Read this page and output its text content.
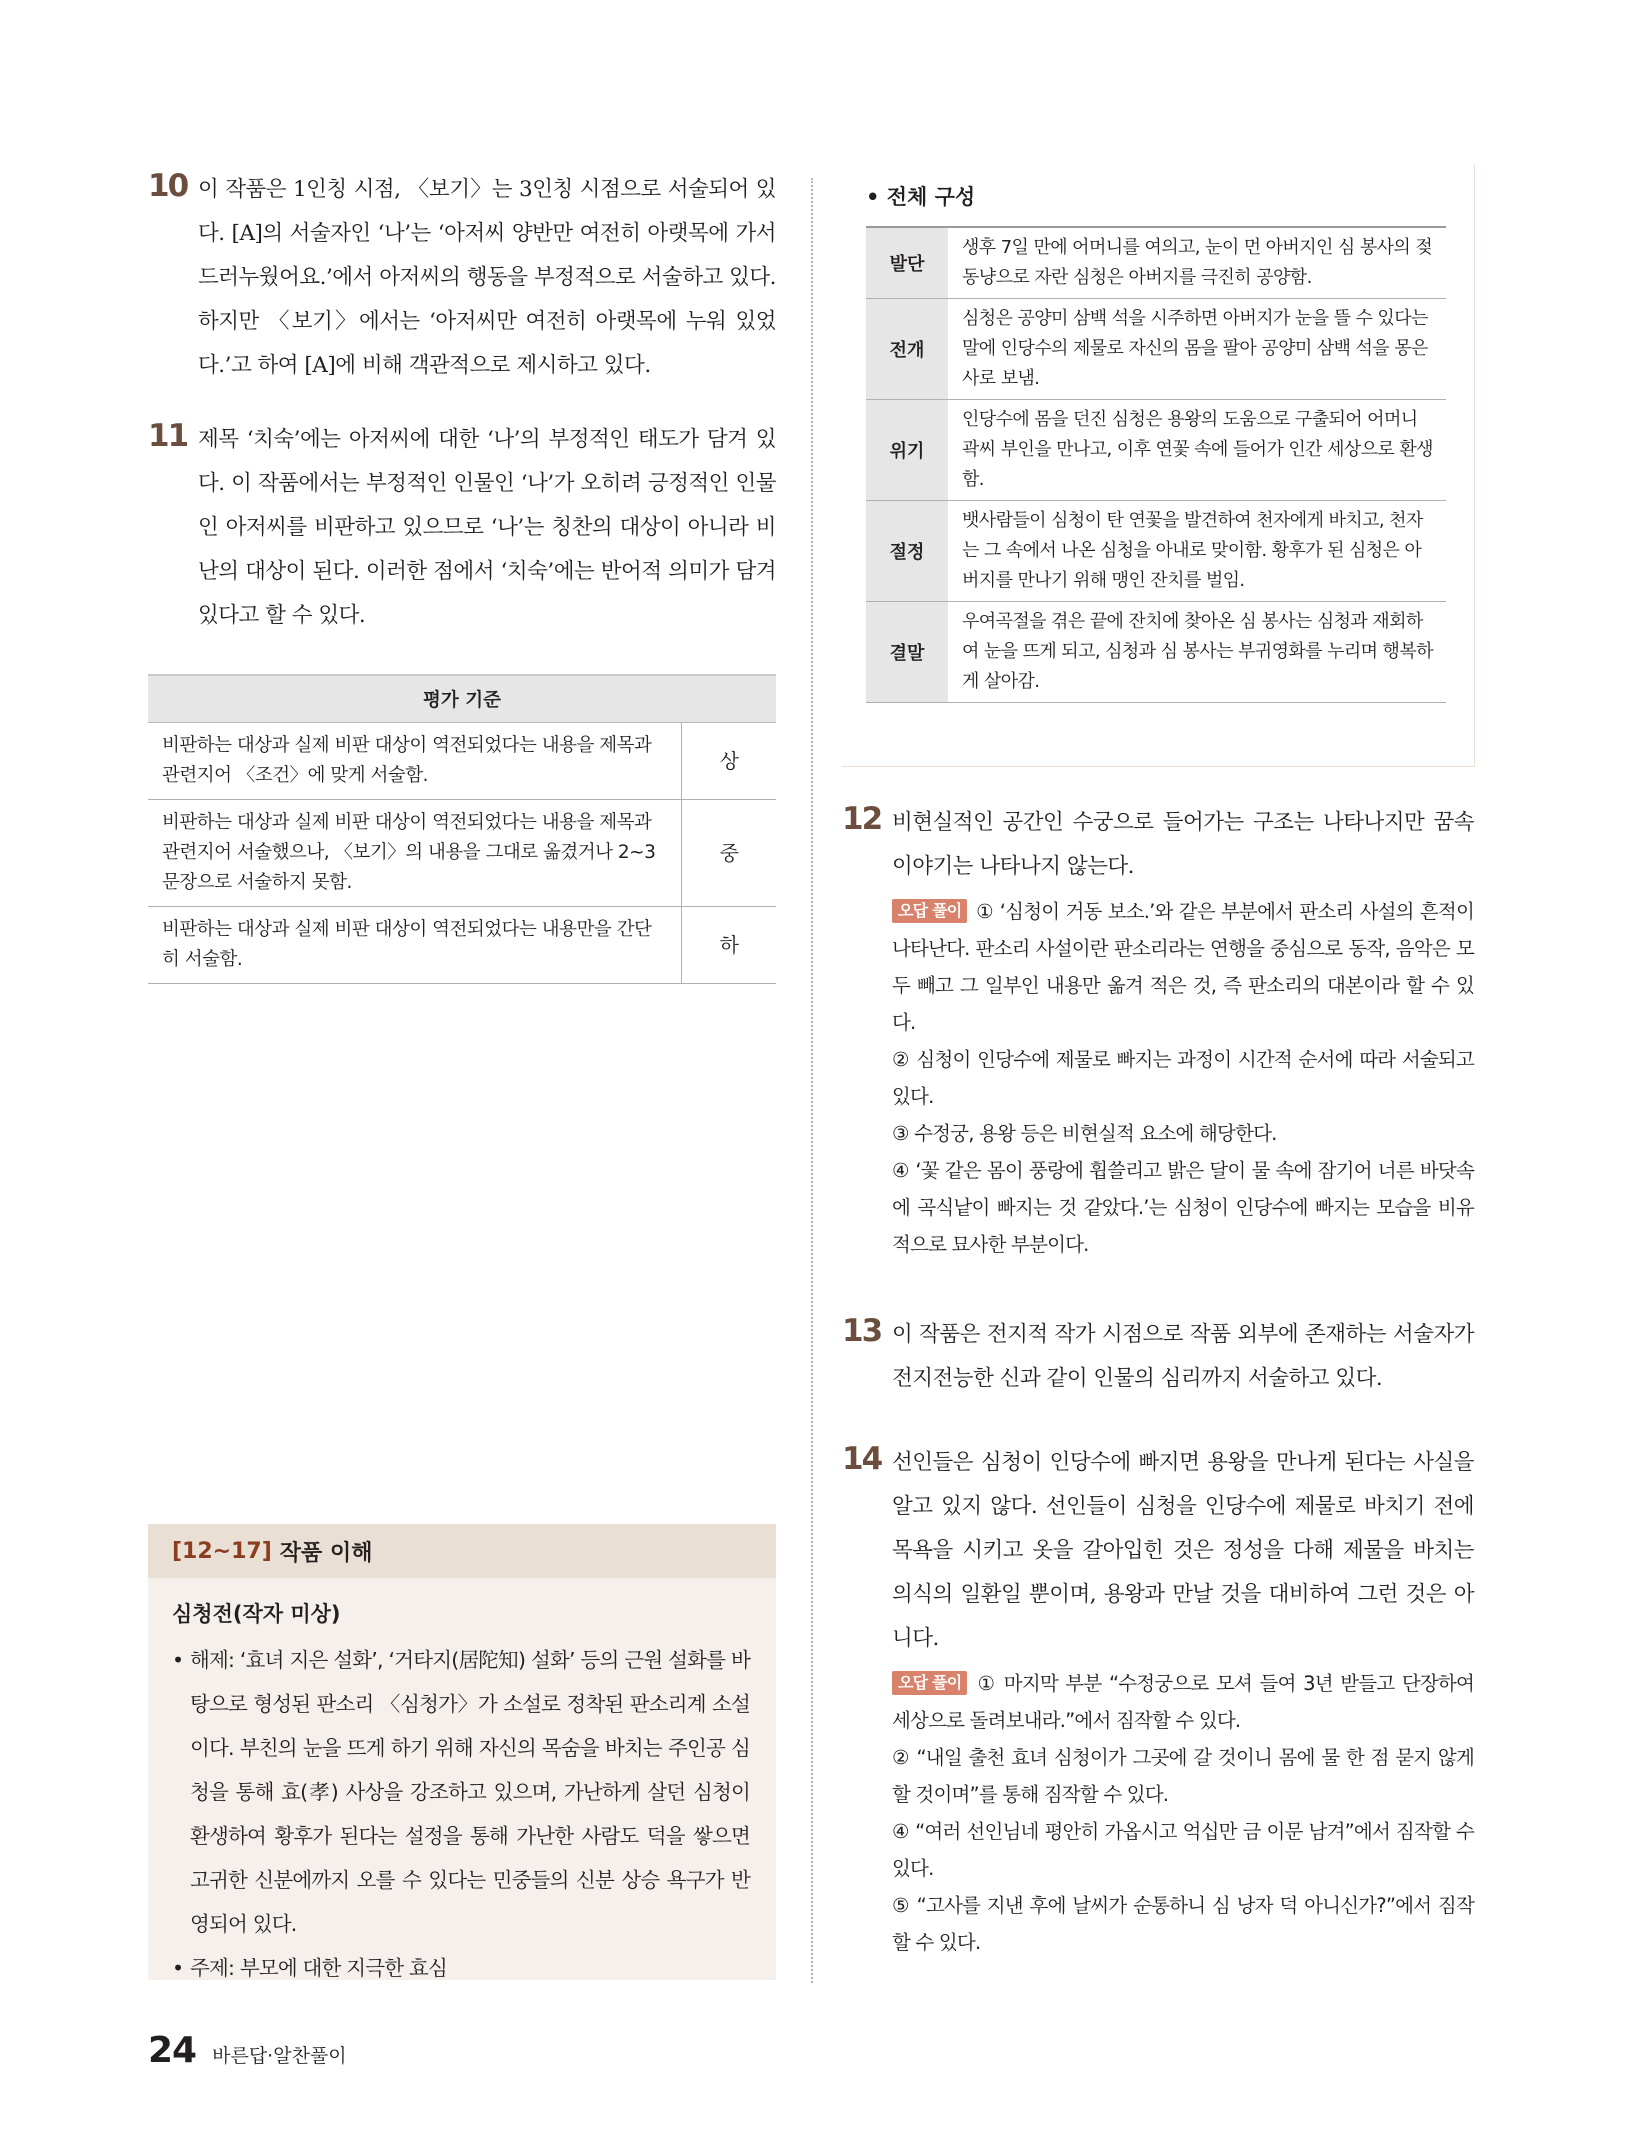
10 이 작품은 1인칭 시점, 〈보기〉는 3인칭 시점으로 서술되어 있다. [A]의 서술자인 ‘나’는 ‘아저씨 양반만 여전히 아랫목에 가서 드러누웠어요.’에서 아저씨의 행동을 부정적으로 서술하고 있다. 하지만 〈보기〉에서는 ‘아저씨만 여전히 아랫목에 누워 있었다.’고 하여 [A]에 비해 객관적으로 제시하고 있다.
11 제목 ‘치숙’에는 아저씨에 대한 ‘나’의 부정적인 태도가 담겨 있다. 이 작품에서는 부정적인 인물인 ‘나’가 오히려 긍정적인 인물인 아저씨를 비판하고 있으므로 ‘나’는 칭찬의 대상이 아니라 비난의 대상이 된다. 이러한 점에서 ‘치숙’에는 반어적 의미가 담겨 있다고 할 수 있다.
평가 기준	
비판하는 대상과 실제 비판 대상이 역전되었다는 내용을 제목과 관련지어 〈조건〉에 맞게 서술함.	상
비판하는 대상과 실제 비판 대상이 역전되었다는 내용을 제목과 관련지어 서술했으나, 〈보기〉의 내용을 그대로 옮겼거나 2~3문장으로 서술하지 못함.	중
비판하는 대상과 실제 비판 대상이 역전되었다는 내용만을 간단히 서술함.	하
[12~17] 작품 이해
심청전(작자 미상)
• 해제: ‘효녀 지은 설화’, ‘거타지(居陀知) 설화’ 등의 근원 설화를 바탕으로 형성된 판소리 〈심청가〉가 소설로 정착된 판소리계 소설이다. 부친의 눈을 뜨게 하기 위해 자신의 목숨을 바치는 주인공 심청을 통해 효(孝) 사상을 강조하고 있으며, 가난하게 살던 심청이 환생하여 황후가 된다는 설정을 통해 가난한 사람도 덕을 쌓으면 고귀한 신분에까지 오를 수 있다는 민중들의 신분 상승 욕구가 반영되어 있다.
• 주제: 부모에 대한 지극한 효심
• 전체 구성
발단	생후 7일 만에 어머니를 여의고, 눈이 먼 아버지인 심 봉사의 젖동냥으로 자란 심청은 아버지를 극진히 공양함.
전개	심청은 공양미 삼백 석을 시주하면 아버지가 눈을 뜰 수 있다는 말에 인당수의 제물로 자신의 몸을 팔아 공양미 삼백 석을 몽은사로 보냄.
위기	인당수에 몸을 던진 심청은 용왕의 도움으로 구출되어 어머니 곽씨 부인을 만나고, 이후 연꽃 속에 들어가 인간 세상으로 환생함.
절정	뱃사람들이 심청이 탄 연꽃을 발견하여 천자에게 바치고, 천자는 그 속에서 나온 심청을 아내로 맞이함. 황후가 된 심청은 아버지를 만나기 위해 맹인 잔치를 벌임.
결말	우여곡절을 겪은 끝에 잔치에 찾아온 심 봉사는 심청과 재회하여 눈을 뜨게 되고, 심청과 심 봉사는 부귀영화를 누리며 행복하게 살아감.
12 비현실적인 공간인 수궁으로 들어가는 구조는 나타나지만 꿈속 이야기는 나타나지 않는다.
오답 풀이 ① ‘심청이 거동 보소.’와 같은 부분에서 판소리 사설의 흔적이 나타난다. 판소리 사설이란 판소리라는 연행을 중심으로 동작, 음악은 모두 빼고 그 일부인 내용만 옮겨 적은 것, 즉 판소리의 대본이라 할 수 있다.
② 심청이 인당수에 제물로 빠지는 과정이 시간적 순서에 따라 서술되고 있다.
③ 수정궁, 용왕 등은 비현실적 요소에 해당한다.
④ ‘꽃 같은 몸이 풍랑에 휩쓸리고 밝은 달이 물 속에 잠기어 너른 바닷속에 곡식낱이 빠지는 것 같았다.’는 심청이 인당수에 빠지는 모습을 비유적으로 묘사한 부분이다.
13 이 작품은 전지적 작가 시점으로 작품 외부에 존재하는 서술자가 전지전능한 신과 같이 인물의 심리까지 서술하고 있다.
14 선인들은 심청이 인당수에 빠지면 용왕을 만나게 된다는 사실을 알고 있지 않다. 선인들이 심청을 인당수에 제물로 바치기 전에 목욕을 시키고 옷을 갈아입힌 것은 정성을 다해 제물을 바치는 의식의 일환일 뿐이며, 용왕과 만날 것을 대비하여 그런 것은 아니다.
오답 풀이 ① 마지막 부분 “수정궁으로 모셔 들여 3년 받들고 단장하여 세상으로 돌려보내라.”에서 짐작할 수 있다.
② “내일 출천 효녀 심청이가 그곳에 갈 것이니 몸에 물 한 점 묻지 않게 할 것이며”를 통해 짐작할 수 있다.
④ “여러 선인님네 평안히 가옵시고 억십만 금 이문 남겨”에서 짐작할 수 있다.
⑤ “고사를 지낸 후에 날씨가 순통하니 심 낭자 덕 아니신가?”에서 짐작할 수 있다.
24 바른답·알찬풀이
